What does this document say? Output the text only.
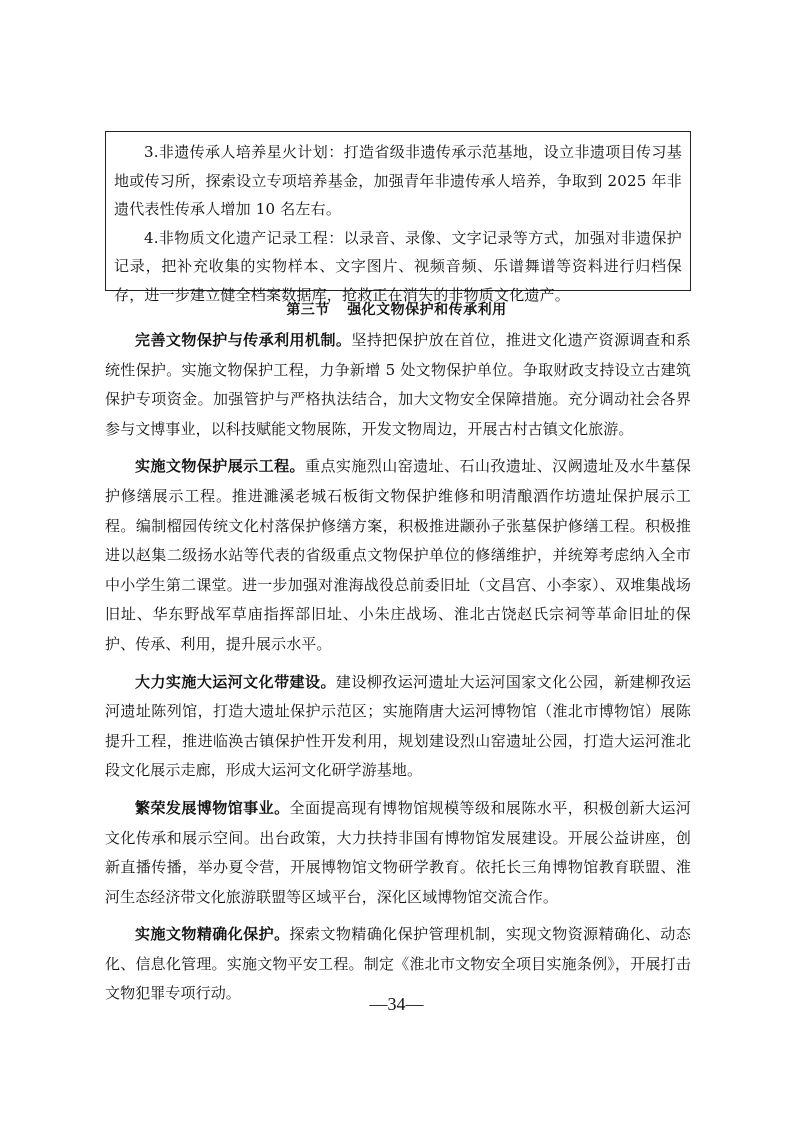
3.非遗传承人培养星火计划：打造省级非遗传承示范基地，设立非遗项目传习基地或传习所，探索设立专项培养基金，加强青年非遗传承人培养，争取到 2025 年非遗代表性传承人增加 10 名左右。

4.非物质文化遗产记录工程：以录音、录像、文字记录等方式，加强对非遗保护记录，把补充收集的实物样本、文字图片、视频音频、乐谱舞谱等资料进行归档保存，进一步建立健全档案数据库，抢救正在消失的非物质文化遗产。

第三节 强化文物保护和传承利用

完善文物保护与传承利用机制。坚持把保护放在首位，推进文化遗产资源调查和系统性保护。实施文物保护工程，力争新增 5 处文物保护单位。争取财政支持设立古建筑保护专项资金。加强管护与严格执法结合，加大文物安全保障措施。充分调动社会各界参与文博事业，以科技赋能文物展陈，开发文物周边，开展古村古镇文化旅游。

实施文物保护展示工程。重点实施烈山窑遗址、石山孜遗址、汉阙遗址及水牛墓保护修缮展示工程。推进濉溪老城石板街文物保护维修和明清酿酒作坊遗址保护展示工程。编制榴园传统文化村落保护修缮方案，积极推进颛孙子张墓保护修缮工程。积极推进以赵集二级扬水站等代表的省级重点文物保护单位的修缮维护，并统筹考虑纳入全市中小学生第二课堂。进一步加强对淮海战役总前委旧址（文昌宫、小李家）、双堆集战场旧址、华东野战军草庙指挥部旧址、小朱庄战场、淮北古饶赵氏宗祠等革命旧址的保护、传承、利用，提升展示水平。

大力实施大运河文化带建设。建设柳孜运河遗址大运河国家文化公园，新建柳孜运河遗址陈列馆，打造大遗址保护示范区；实施隋唐大运河博物馆（淮北市博物馆）展陈提升工程，推进临涣古镇保护性开发利用，规划建设烈山窑遗址公园，打造大运河淮北段文化展示走廊，形成大运河文化研学游基地。

繁荣发展博物馆事业。全面提高现有博物馆规模等级和展陈水平，积极创新大运河文化传承和展示空间。出台政策，大力扶持非国有博物馆发展建设。开展公益讲座，创新直播传播，举办夏令营，开展博物馆文物研学教育。依托长三角博物馆教育联盟、淮河生态经济带文化旅游联盟等区域平台，深化区域博物馆交流合作。

实施文物精确化保护。探索文物精确化保护管理机制，实现文物资源精确化、动态化、信息化管理。实施文物平安工程。制定《淮北市文物安全项目实施条例》，开展打击文物犯罪专项行动。

—34—
